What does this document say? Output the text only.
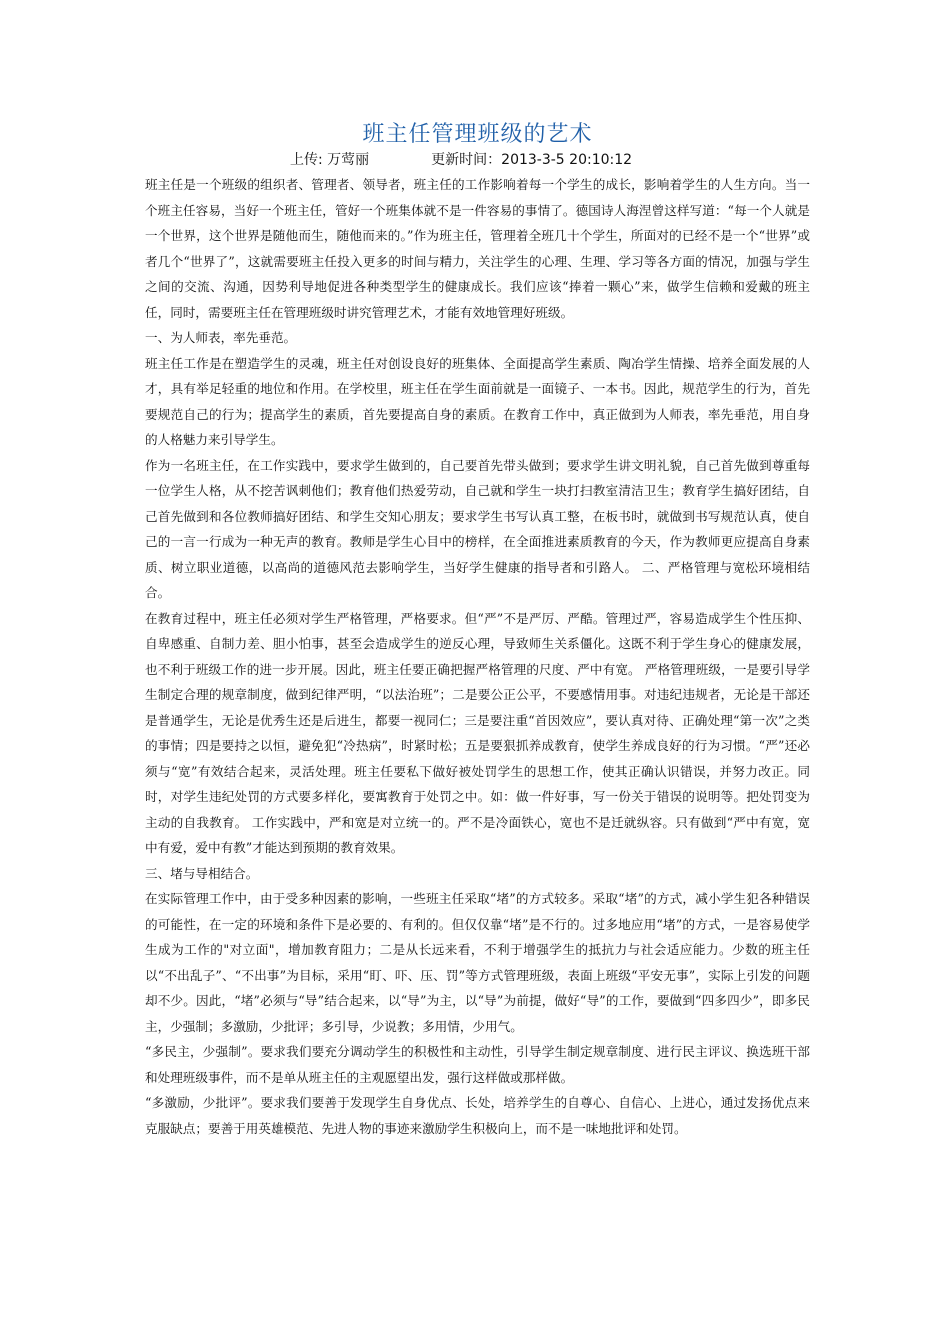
班主任管理班级的艺术
上传: 万莺丽	更新时间：2013-3-5 20:10:12

班主任是一个班级的组织者、管理者、领导者，班主任的工作影响着每一个学生的成长，影响着学生的人生方向。当一个班主任容易，当好一个班主任，管好一个班集体就不是一件容易的事情了。德国诗人海涅曾这样写道：“每一个人就是一个世界，这个世界是随他而生，随他而来的。”作为班主任，管理着全班几十个学生，所面对的已经不是一个“世界”或者几个“世界了”，这就需要班主任投入更多的时间与精力，关注学生的心理、生理、学习等各方面的情况，加强与学生之间的交流、沟通，因势利导地促进各种类型学生的健康成长。我们应该“捧着一颗心”来，做学生信赖和爱戴的班主任，同时，需要班主任在管理班级时讲究管理艺术，才能有效地管理好班级。

一、为人师表，率先垂范。

班主任工作是在塑造学生的灵魂，班主任对创设良好的班集体、全面提高学生素质、陶冶学生情操、培养全面发展的人才，具有举足轻重的地位和作用。在学校里，班主任在学生面前就是一面镜子、一本书。因此，规范学生的行为，首先要规范自己的行为；提高学生的素质，首先要提高自身的素质。在教育工作中，真正做到为人师表，率先垂范，用自身的人格魅力来引导学生。

作为一名班主任，在工作实践中，要求学生做到的，自己要首先带头做到；要求学生讲文明礼貌，自己首先做到尊重每一位学生人格，从不挖苦讽刺他们；教育他们热爱劳动，自己就和学生一块打扫教室清洁卫生；教育学生搞好团结，自己首先做到和各位教师搞好团结、和学生交知心朋友；要求学生书写认真工整，在板书时，就做到书写规范认真，使自己的一言一行成为一种无声的教育。教师是学生心目中的榜样，在全面推进素质教育的今天，作为教师更应提高自身素质、树立职业道德，以高尚的道德风范去影响学生，当好学生健康的指导者和引路人。 二、严格管理与宽松环境相结合。

在教育过程中，班主任必须对学生严格管理，严格要求。但“严”不是严厉、严酷。管理过严，容易造成学生个性压抑、自卑感重、自制力差、胆小怕事，甚至会造成学生的逆反心理，导致师生关系僵化。这既不利于学生身心的健康发展，也不利于班级工作的进一步开展。因此，班主任要正确把握严格管理的尺度、严中有宽。 严格管理班级，一是要引导学生制定合理的规章制度，做到纪律严明，“以法治班”；二是要公正公平，不要感情用事。对违纪违规者，无论是干部还是普通学生，无论是优秀生还是后进生，都要一视同仁；三是要注重“首因效应”，要认真对待、正确处理“第一次”之类的事情；四是要持之以恒，避免犯“冷热病”，时紧时松；五是要狠抓养成教育，使学生养成良好的行为习惯。“严”还必须与“宽”有效结合起来，灵活处理。班主任要私下做好被处罚学生的思想工作，使其正确认识错误，并努力改正。同时，对学生违纪处罚的方式要多样化，要寓教育于处罚之中。如：做一件好事，写一份关于错误的说明等。把处罚变为主动的自我教育。 工作实践中，严和宽是对立统一的。严不是冷面铁心，宽也不是迁就纵容。只有做到“严中有宽，宽中有爱，爱中有教”才能达到预期的教育效果。

三、堵与导相结合。

在实际管理工作中，由于受多种因素的影响，一些班主任采取“堵”的方式较多。采取“堵”的方式，减小学生犯各种错误的可能性，在一定的环境和条件下是必要的、有利的。但仅仅靠“堵”是不行的。过多地应用“堵”的方式，一是容易使学生成为工作的"对立面"，增加教育阻力；二是从长远来看，不利于增强学生的抵抗力与社会适应能力。少数的班主任以“不出乱子”、“不出事”为目标，采用“盯、吓、压、罚”等方式管理班级，表面上班级“平安无事”，实际上引发的问题却不少。因此，“堵”必须与“导”结合起来，以“导”为主，以“导”为前提，做好“导”的工作，要做到“四多四少”，即多民主，少强制；多激励，少批评；多引导，少说教；多用情，少用气。

“多民主，少强制”。要求我们要充分调动学生的积极性和主动性，引导学生制定规章制度、进行民主评议、换选班干部和处理班级事件，而不是单从班主任的主观愿望出发，强行这样做或那样做。

“多激励，少批评”。要求我们要善于发现学生自身优点、长处，培养学生的自尊心、自信心、上进心，通过发扬优点来克服缺点；要善于用英雄模范、先进人物的事迹来激励学生积极向上，而不是一味地批评和处罚。
